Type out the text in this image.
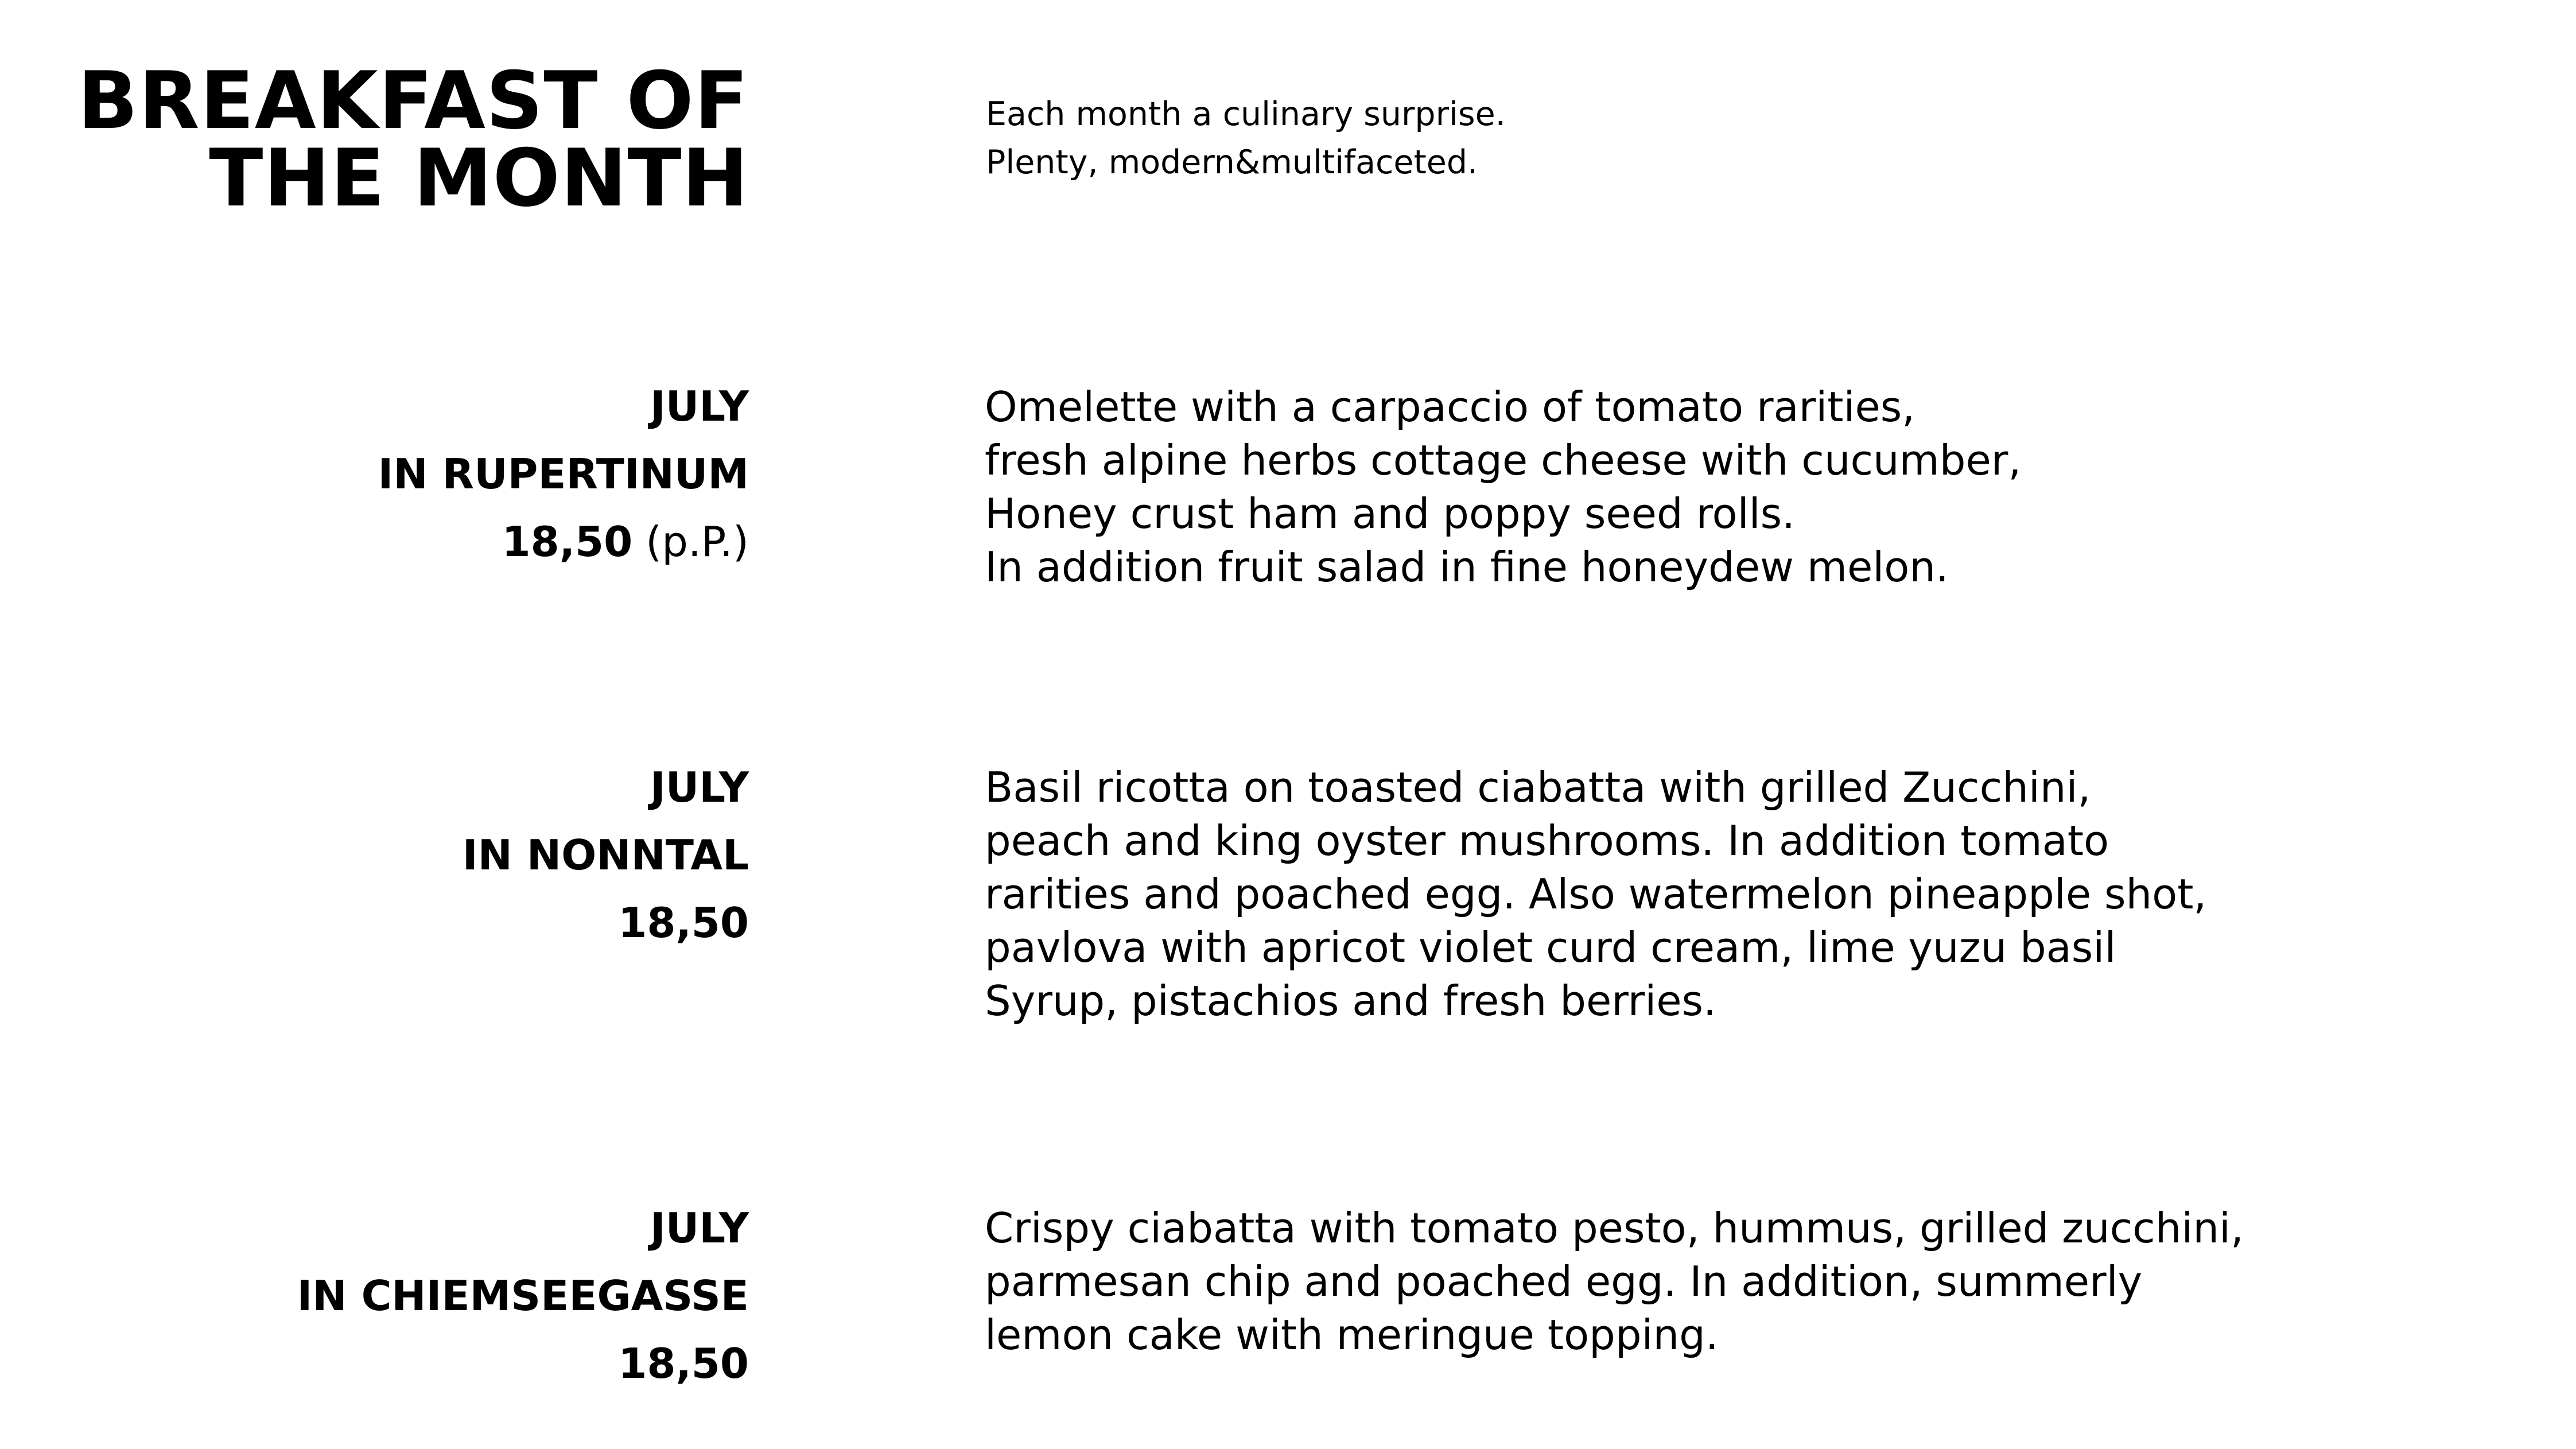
BREAKFAST OF
THE MONTH

Each month a culinary surprise.
Plenty, modern&multifaceted.

JULY
IN RUPERTINUM
18,50 (p.P.)
Omelette with a carpaccio of tomato rarities,
fresh alpine herbs cottage cheese with cucumber,
Honey crust ham and poppy seed rolls.
In addition fruit salad in fine honeydew melon.
JULY
IN NONNTAL
18,50
Basil ricotta on toasted ciabatta with grilled Zucchini,
peach and king oyster mushrooms. In addition tomato
rarities and poached egg. Also watermelon pineapple shot,
pavlova with apricot violet curd cream, lime yuzu basil
Syrup, pistachios and fresh berries.
JULY
IN CHIEMSEEGASSE
18,50
Crispy ciabatta with tomato pesto, hummus, grilled zucchini,
parmesan chip and poached egg. In addition, summerly
lemon cake with meringue topping.
